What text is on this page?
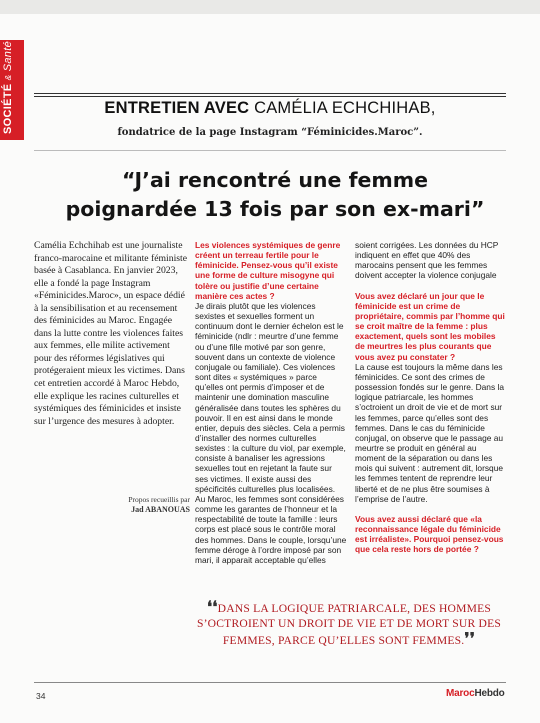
SOCIÉTÉ & Santé
ENTRETIEN AVEC CAMÉLIA ECHCHIHAB,
fondatrice de la page Instagram “Féminicides.Maroc”.
“J’ai rencontré une femme
poignardée 13 fois par son ex-mari”

Camélia Echchihab est une journaliste franco-marocaine et militante féministe basée à Casablanca. En janvier 2023, elle a fondé la page Instagram «Féminicides.Maroc», un espace dédié à la sensibilisation et au recensement des féminicides au Maroc. Engagée dans la lutte contre les violences faites aux femmes, elle milite activement pour des réformes législatives qui protégeraient mieux les victimes. Dans cet entretien accordé à Maroc Hebdo, elle explique les racines culturelles et systémiques des féminicides et insiste sur l’urgence des mesures à adopter.

Propos recueillis par
Jad ABANOUAS

Les violences systémiques de genre créent un terreau fertile pour le féminicide. Pensez-vous qu’il existe une forme de culture misogyne qui tolère ou justifie d’une certaine manière ces actes ?

Je dirais plutôt que les violences sexistes et sexuelles forment un continuum dont le dernier échelon est le féminicide (ndlr : meurtre d’une femme ou d’une fille motivé par son genre, souvent dans un contexte de violence conjugale ou familiale). Ces violences sont dites « systémiques » parce qu’elles ont permis d’imposer et de maintenir une domination masculine généralisée dans toutes les sphères du pouvoir. Il en est ainsi dans le monde entier, depuis des siècles. Cela a permis d’installer des normes culturelles sexistes : la culture du viol, par exemple, consiste à banaliser les agressions sexuelles tout en rejetant la faute sur ses victimes. Il existe aussi des spécificités culturelles plus localisées. Au Maroc, les femmes sont considérées comme les garantes de l’honneur et la respectabilité de toute la famille : leurs corps est placé sous le contrôle moral des hommes. Dans le couple, lorsqu’une femme déroge à l’ordre imposé par son mari, il apparait acceptable qu’elles

soient corrigées. Les données du HCP indiquent en effet que 40% des marocains pensent que les femmes doivent accepter la violence conjugale

Vous avez déclaré un jour que le féminicide est un crime de propriétaire, commis par l’homme qui se croit maître de la femme : plus exactement, quels sont les mobiles de meurtres les plus courants que vous avez pu constater ?

La cause est toujours la même dans les féminicides. Ce sont des crimes de possession fondés sur le genre. Dans la logique patriarcale, les hommes s’octroient un droit de vie et de mort sur les femmes, parce qu’elles sont des femmes. Dans le cas du féminicide conjugal, on observe que le passage au meurtre se produit en général au moment de la séparation ou dans les mois qui suivent : autrement dit, lorsque les femmes tentent de reprendre leur liberté et de ne plus être soumises à l’emprise de l’autre.

Vous avez aussi déclaré que «la reconnaissance légale du féminicide est irréaliste». Pourquoi pensez-vous que cela reste hors de portée ?

❛❛DANS LA LOGIQUE PATRIARCALE, DES HOMMES S’OCTROIENT UN DROIT DE VIE ET DE MORT SUR DES FEMMES, PARCE QU’ELLES SONT FEMMES.❜❜
34	MarocHebdo
